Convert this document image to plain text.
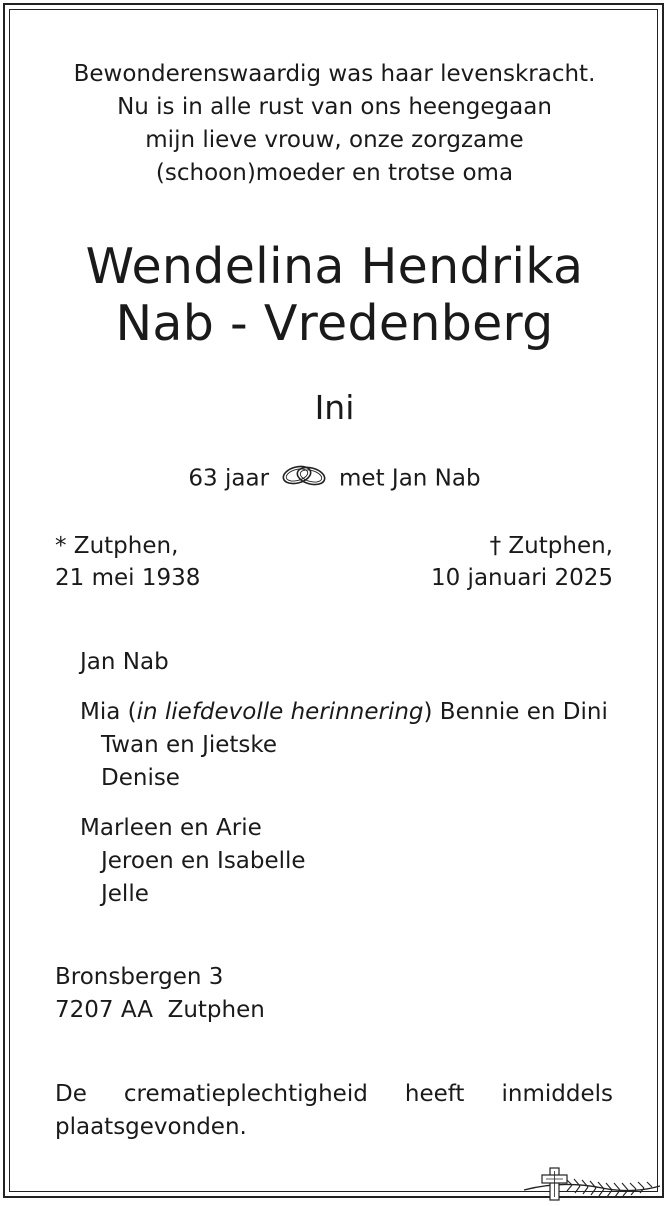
Bewonderenswaardig was haar levenskracht.
Nu is in alle rust van ons heengegaan
mijn lieve vrouw, onze zorgzame
(schoon)moeder en trotse oma
Wendelina Hendrika
Nab - Vredenberg
Ini
63 jaar	met Jan Nab
* Zutphen,
21 mei 1938
† Zutphen,
10 januari 2025
Jan Nab
Mia (in liefdevolle herinnering) Bennie en Dini
Twan en Jietske
Denise
Marleen en Arie
Jeroen en Isabelle
Jelle
Bronsbergen 3
7207 AA  Zutphen
De crematieplechtigheid heeft inmiddels plaatsgevonden.
